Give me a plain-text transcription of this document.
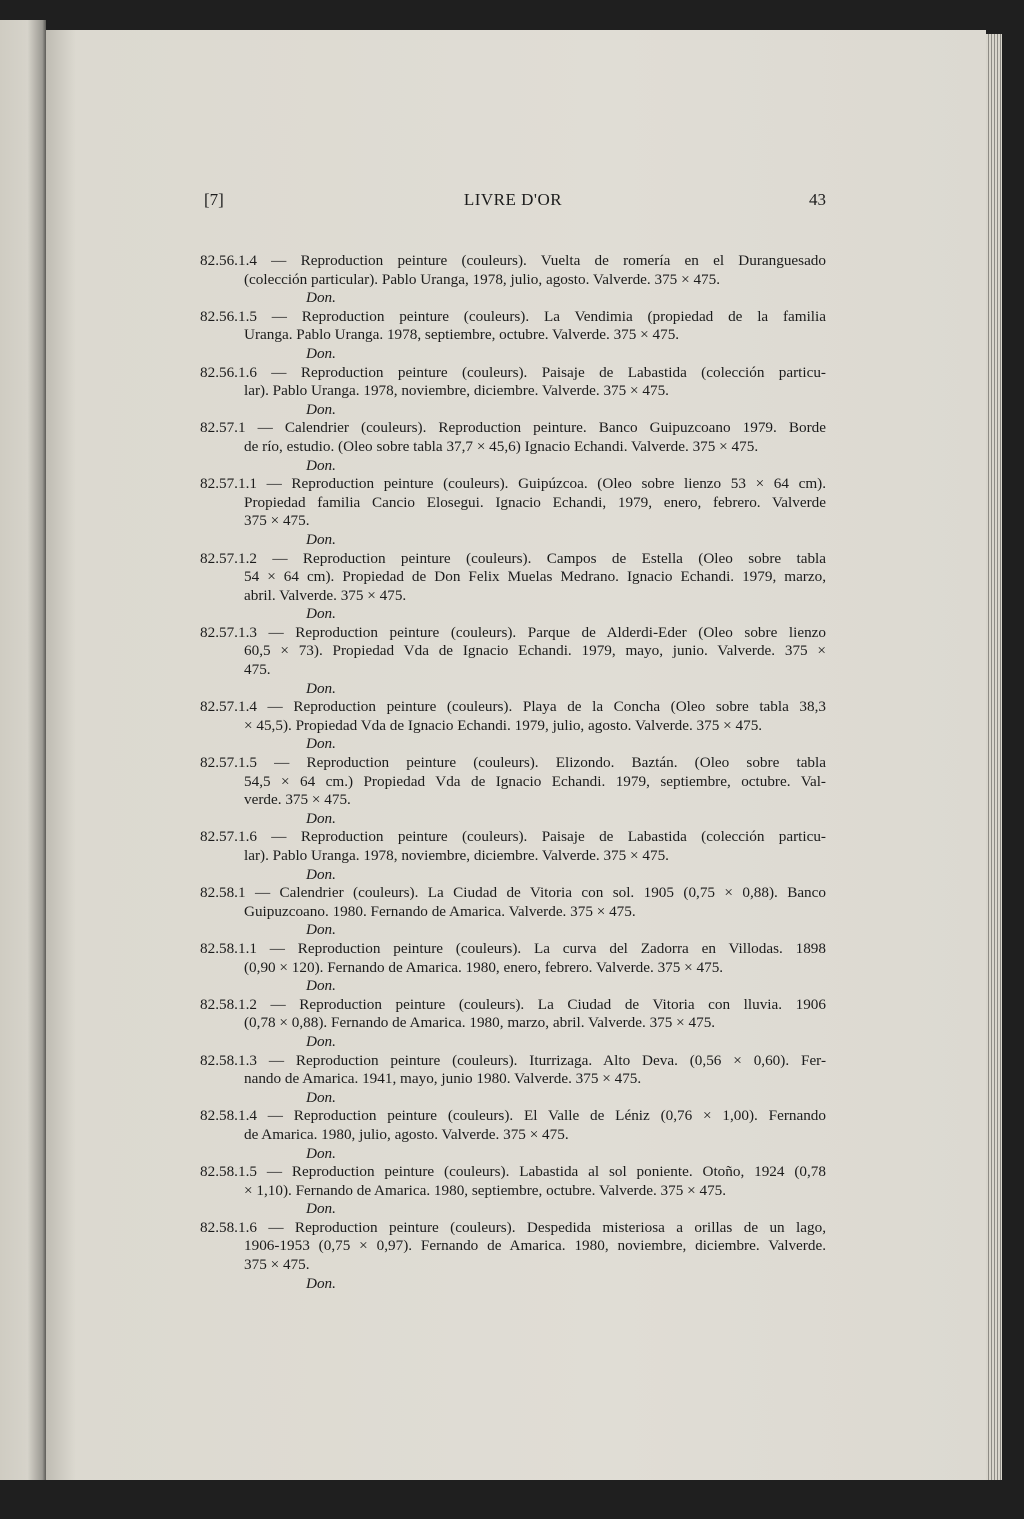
[7]	LIVRE D'OR	43
82.56.1.4 — Reproduction peinture (couleurs). Vuelta de romería en el Duranguesado
(colección particular). Pablo Uranga, 1978, julio, agosto. Valverde. 375 × 475.
Don.
82.56.1.5 — Reproduction peinture (couleurs). La Vendimia (propiedad de la familia
Uranga. Pablo Uranga. 1978, septiembre, octubre. Valverde. 375 × 475.
Don.
82.56.1.6 — Reproduction peinture (couleurs). Paisaje de Labastida (colección particu-
lar). Pablo Uranga. 1978, noviembre, diciembre. Valverde. 375 × 475.
Don.
82.57.1 — Calendrier (couleurs). Reproduction peinture. Banco Guipuzcoano 1979. Borde
de río, estudio. (Oleo sobre tabla 37,7 × 45,6) Ignacio Echandi. Valverde. 375 × 475.
Don.
82.57.1.1 — Reproduction peinture (couleurs). Guipúzcoa. (Oleo sobre lienzo 53 × 64 cm).
Propiedad familia Cancio Elosegui. Ignacio Echandi, 1979, enero, febrero. Valverde
375 × 475.
Don.
82.57.1.2 — Reproduction peinture (couleurs). Campos de Estella (Oleo sobre tabla
54 × 64 cm). Propiedad de Don Felix Muelas Medrano. Ignacio Echandi. 1979, marzo,
abril. Valverde. 375 × 475.
Don.
82.57.1.3 — Reproduction peinture (couleurs). Parque de Alderdi-Eder (Oleo sobre lienzo
60,5 × 73). Propiedad Vda de Ignacio Echandi. 1979, mayo, junio. Valverde. 375 ×
475.
Don.
82.57.1.4 — Reproduction peinture (couleurs). Playa de la Concha (Oleo sobre tabla 38,3
× 45,5). Propiedad Vda de Ignacio Echandi. 1979, julio, agosto. Valverde. 375 × 475.
Don.
82.57.1.5 — Reproduction peinture (couleurs). Elizondo. Baztán. (Oleo sobre tabla
54,5 × 64 cm.) Propiedad Vda de Ignacio Echandi. 1979, septiembre, octubre. Val-
verde. 375 × 475.
Don.
82.57.1.6 — Reproduction peinture (couleurs). Paisaje de Labastida (colección particu-
lar). Pablo Uranga. 1978, noviembre, diciembre. Valverde. 375 × 475.
Don.
82.58.1 — Calendrier (couleurs). La Ciudad de Vitoria con sol. 1905 (0,75 × 0,88). Banco
Guipuzcoano. 1980. Fernando de Amarica. Valverde. 375 × 475.
Don.
82.58.1.1 — Reproduction peinture (couleurs). La curva del Zadorra en Villodas. 1898
(0,90 × 120). Fernando de Amarica. 1980, enero, febrero. Valverde. 375 × 475.
Don.
82.58.1.2 — Reproduction peinture (couleurs). La Ciudad de Vitoria con lluvia. 1906
(0,78 × 0,88). Fernando de Amarica. 1980, marzo, abril. Valverde. 375 × 475.
Don.
82.58.1.3 — Reproduction peinture (couleurs). Iturrizaga. Alto Deva. (0,56 × 0,60). Fer-
nando de Amarica. 1941, mayo, junio 1980. Valverde. 375 × 475.
Don.
82.58.1.4 — Reproduction peinture (couleurs). El Valle de Léniz (0,76 × 1,00). Fernando
de Amarica. 1980, julio, agosto. Valverde. 375 × 475.
Don.
82.58.1.5 — Reproduction peinture (couleurs). Labastida al sol poniente. Otoño, 1924 (0,78
× 1,10). Fernando de Amarica. 1980, septiembre, octubre. Valverde. 375 × 475.
Don.
82.58.1.6 — Reproduction peinture (couleurs). Despedida misteriosa a orillas de un lago,
1906-1953 (0,75 × 0,97). Fernando de Amarica. 1980, noviembre, diciembre. Valverde.
375 × 475.
Don.
